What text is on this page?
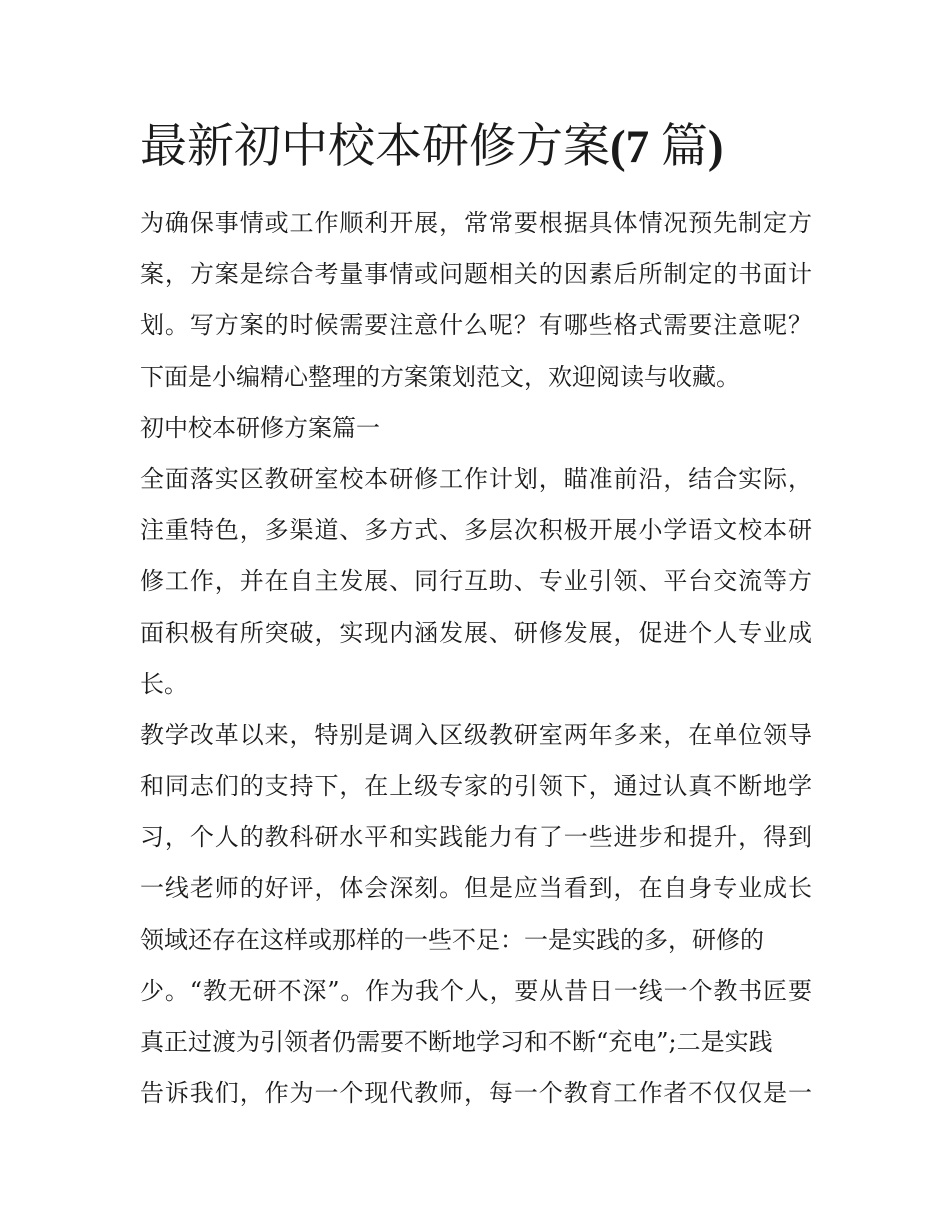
最新初中校本研修方案(7 篇)
为确保事情或工作顺利开展，常常要根据具体情况预先制定方
案，方案是综合考量事情或问题相关的因素后所制定的书面计
划。写方案的时候需要注意什么呢？有哪些格式需要注意呢？
下面是小编精心整理的方案策划范文，欢迎阅读与收藏。
初中校本研修方案篇一
全面落实区教研室校本研修工作计划，瞄准前沿，结合实际，
注重特色，多渠道、多方式、多层次积极开展小学语文校本研
修工作，并在自主发展、同行互助、专业引领、平台交流等方
面积极有所突破，实现内涵发展、研修发展，促进个人专业成
长。
教学改革以来，特别是调入区级教研室两年多来，在单位领导
和同志们的支持下，在上级专家的引领下，通过认真不断地学
习，个人的教科研水平和实践能力有了一些进步和提升，得到
一线老师的好评，体会深刻。但是应当看到，在自身专业成长
领域还存在这样或那样的一些不足：一是实践的多，研修的
少。“教无研不深”。作为我个人，要从昔日一线一个教书匠要
真正过渡为引领者仍需要不断地学习和不断“充电”;二是实践
告诉我们，作为一个现代教师，每一个教育工作者不仅仅是一
